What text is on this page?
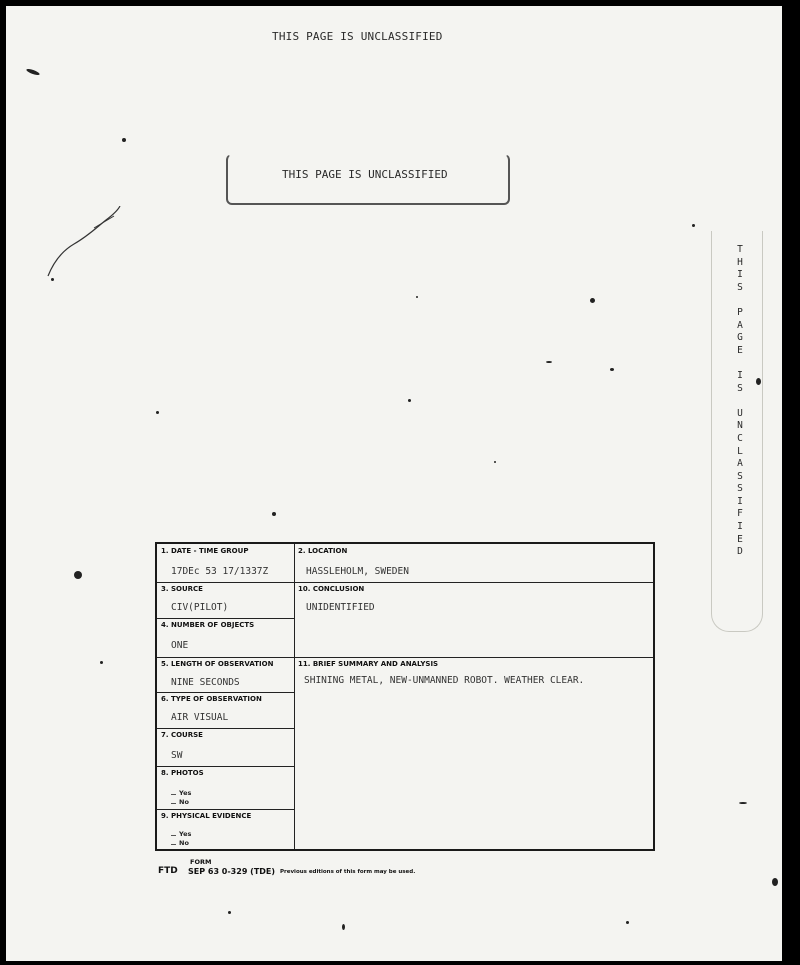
THIS PAGE IS UNCLASSIFIED
THIS PAGE IS UNCLASSIFIED
T
H
I
S

P
A
G
E

I
S

U
N
C
L
A
S
S
I
F
I
E
D
1. DATE - TIME GROUP
17DEc 53 17/1337Z
3. SOURCE
CIV(PILOT)
4. NUMBER OF OBJECTS
ONE
5. LENGTH OF OBSERVATION
NINE SECONDS
6. TYPE OF OBSERVATION
AIR VISUAL
7. COURSE
SW
8. PHOTOS
Yes
No
9. PHYSICAL EVIDENCE
Yes
No
2. LOCATION
HASSLEHOLM, SWEDEN
10. CONCLUSION
UNIDENTIFIED
11. BRIEF SUMMARY AND ANALYSIS
SHINING METAL, NEW-UNMANNED ROBOT. WEATHER CLEAR.
FORM
FTD SEP 63 0-329 (TDE) Previous editions of this form may be used.
